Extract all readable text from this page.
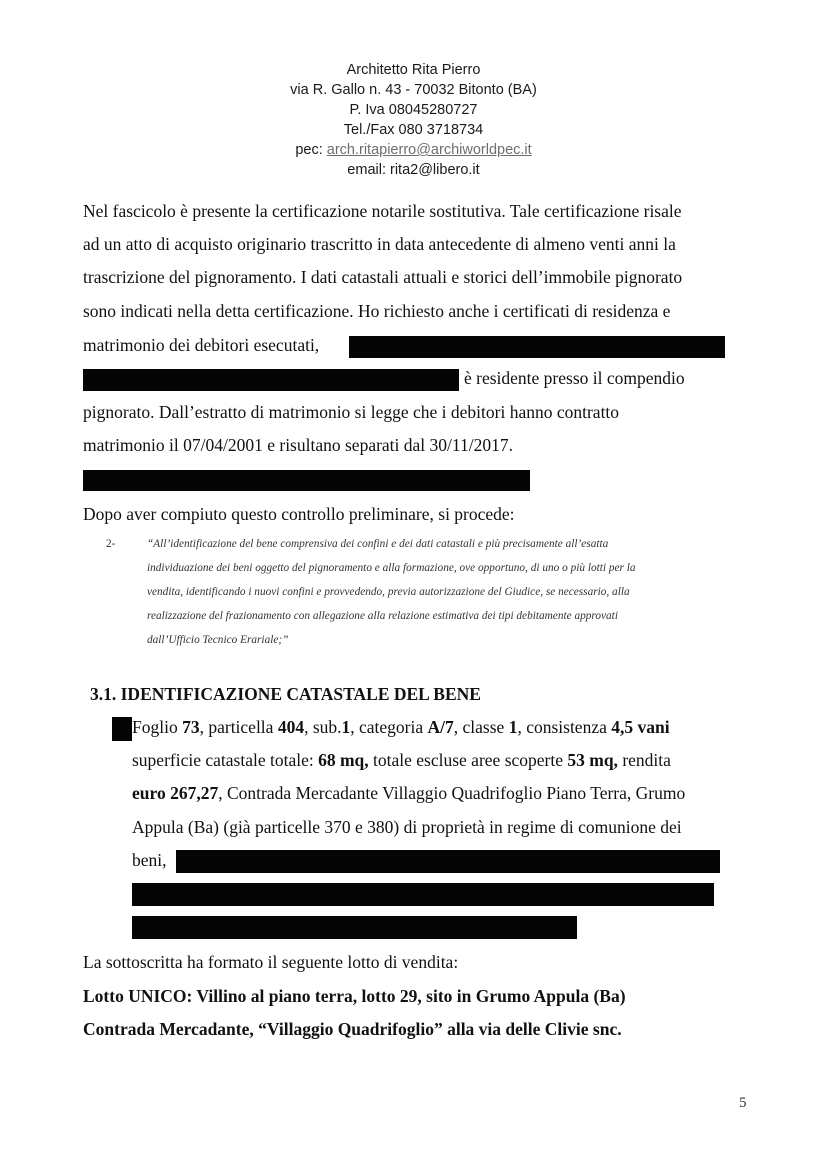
Architetto Rita Pierro
via R. Gallo n. 43 - 70032 Bitonto (BA)
P. Iva 08045280727
Tel./Fax 080 3718734
pec: arch.ritapierro@archiworldpec.it
email: rita2@libero.it
Nel fascicolo è presente la certificazione notarile sostitutiva. Tale certificazione risale
ad un atto di acquisto originario trascritto in data antecedente di almeno venti anni la
trascrizione del pignoramento. I dati catastali attuali e storici dell’immobile pignorato
sono indicati nella detta certificazione. Ho richiesto anche i certificati di residenza e
matrimonio dei debitori esecutati,
è residente presso il compendio
pignorato. Dall’estratto di matrimonio si legge che i debitori hanno contratto
matrimonio il 07/04/2001 e risultano separati dal 30/11/2017.
Dopo aver compiuto questo controllo preliminare, si procede:
2-	“All’identificazione del bene comprensiva dei confini e dei dati catastali e più precisamente all’esatta
individuazione dei beni oggetto del pignoramento e alla formazione, ove opportuno, di uno o più lotti per la
vendita, identificando i nuovi confini e provvedendo, previa autorizzazione del Giudice, se necessario, alla
realizzazione del frazionamento con allegazione alla relazione estimativa dei tipi debitamente approvati
dall’Ufficio Tecnico Erariale;”
3.1. IDENTIFICAZIONE CATASTALE DEL BENE
Foglio 73, particella 404, sub.1, categoria A/7, classe 1, consistenza 4,5 vani
superficie catastale totale: 68 mq, totale escluse aree scoperte 53 mq, rendita
euro 267,27, Contrada Mercadante Villaggio Quadrifoglio Piano Terra, Grumo
Appula (Ba) (già particelle 370 e 380) di proprietà in regime di comunione dei
beni,
La sottoscritta ha formato il seguente lotto di vendita:
Lotto UNICO: Villino al piano terra, lotto 29, sito in Grumo Appula (Ba)
Contrada Mercadante, “Villaggio Quadrifoglio” alla via delle Clivie snc.
5
